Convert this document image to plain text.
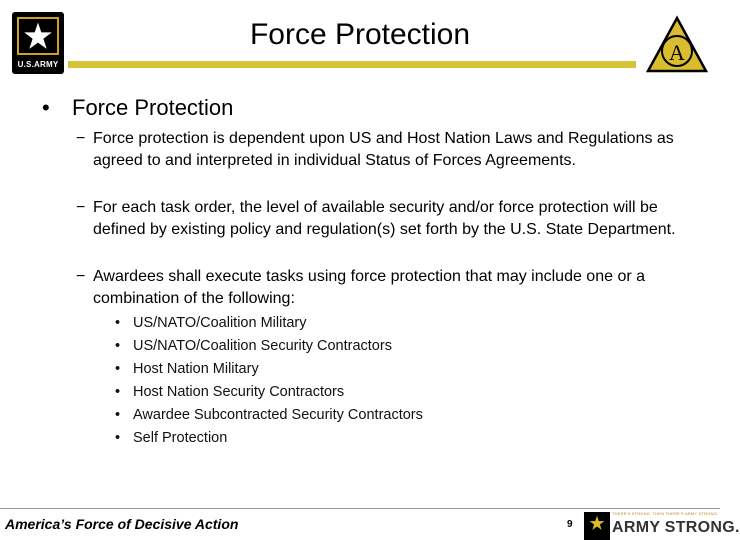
U.S.ARMY
Force Protection
A
• Force Protection
− Force protection is dependent upon US and Host Nation Laws and Regulations as agreed to and interpreted in individual Status of Forces Agreements.
− For each task order, the level of available security and/or force protection will be defined by existing policy and regulation(s) set forth by the U.S. State Department.
− Awardees shall execute tasks using force protection that may include one or a combination of the following:
• US/NATO/Coalition Military
• US/NATO/Coalition Security Contractors
• Host Nation Military
• Host Nation Security Contractors
• Awardee Subcontracted Security Contractors
• Self Protection
America’s Force of Decisive Action	9
THERE'S STRONG. THEN THERE'S ARMY STRONG.
ARMY STRONG.
